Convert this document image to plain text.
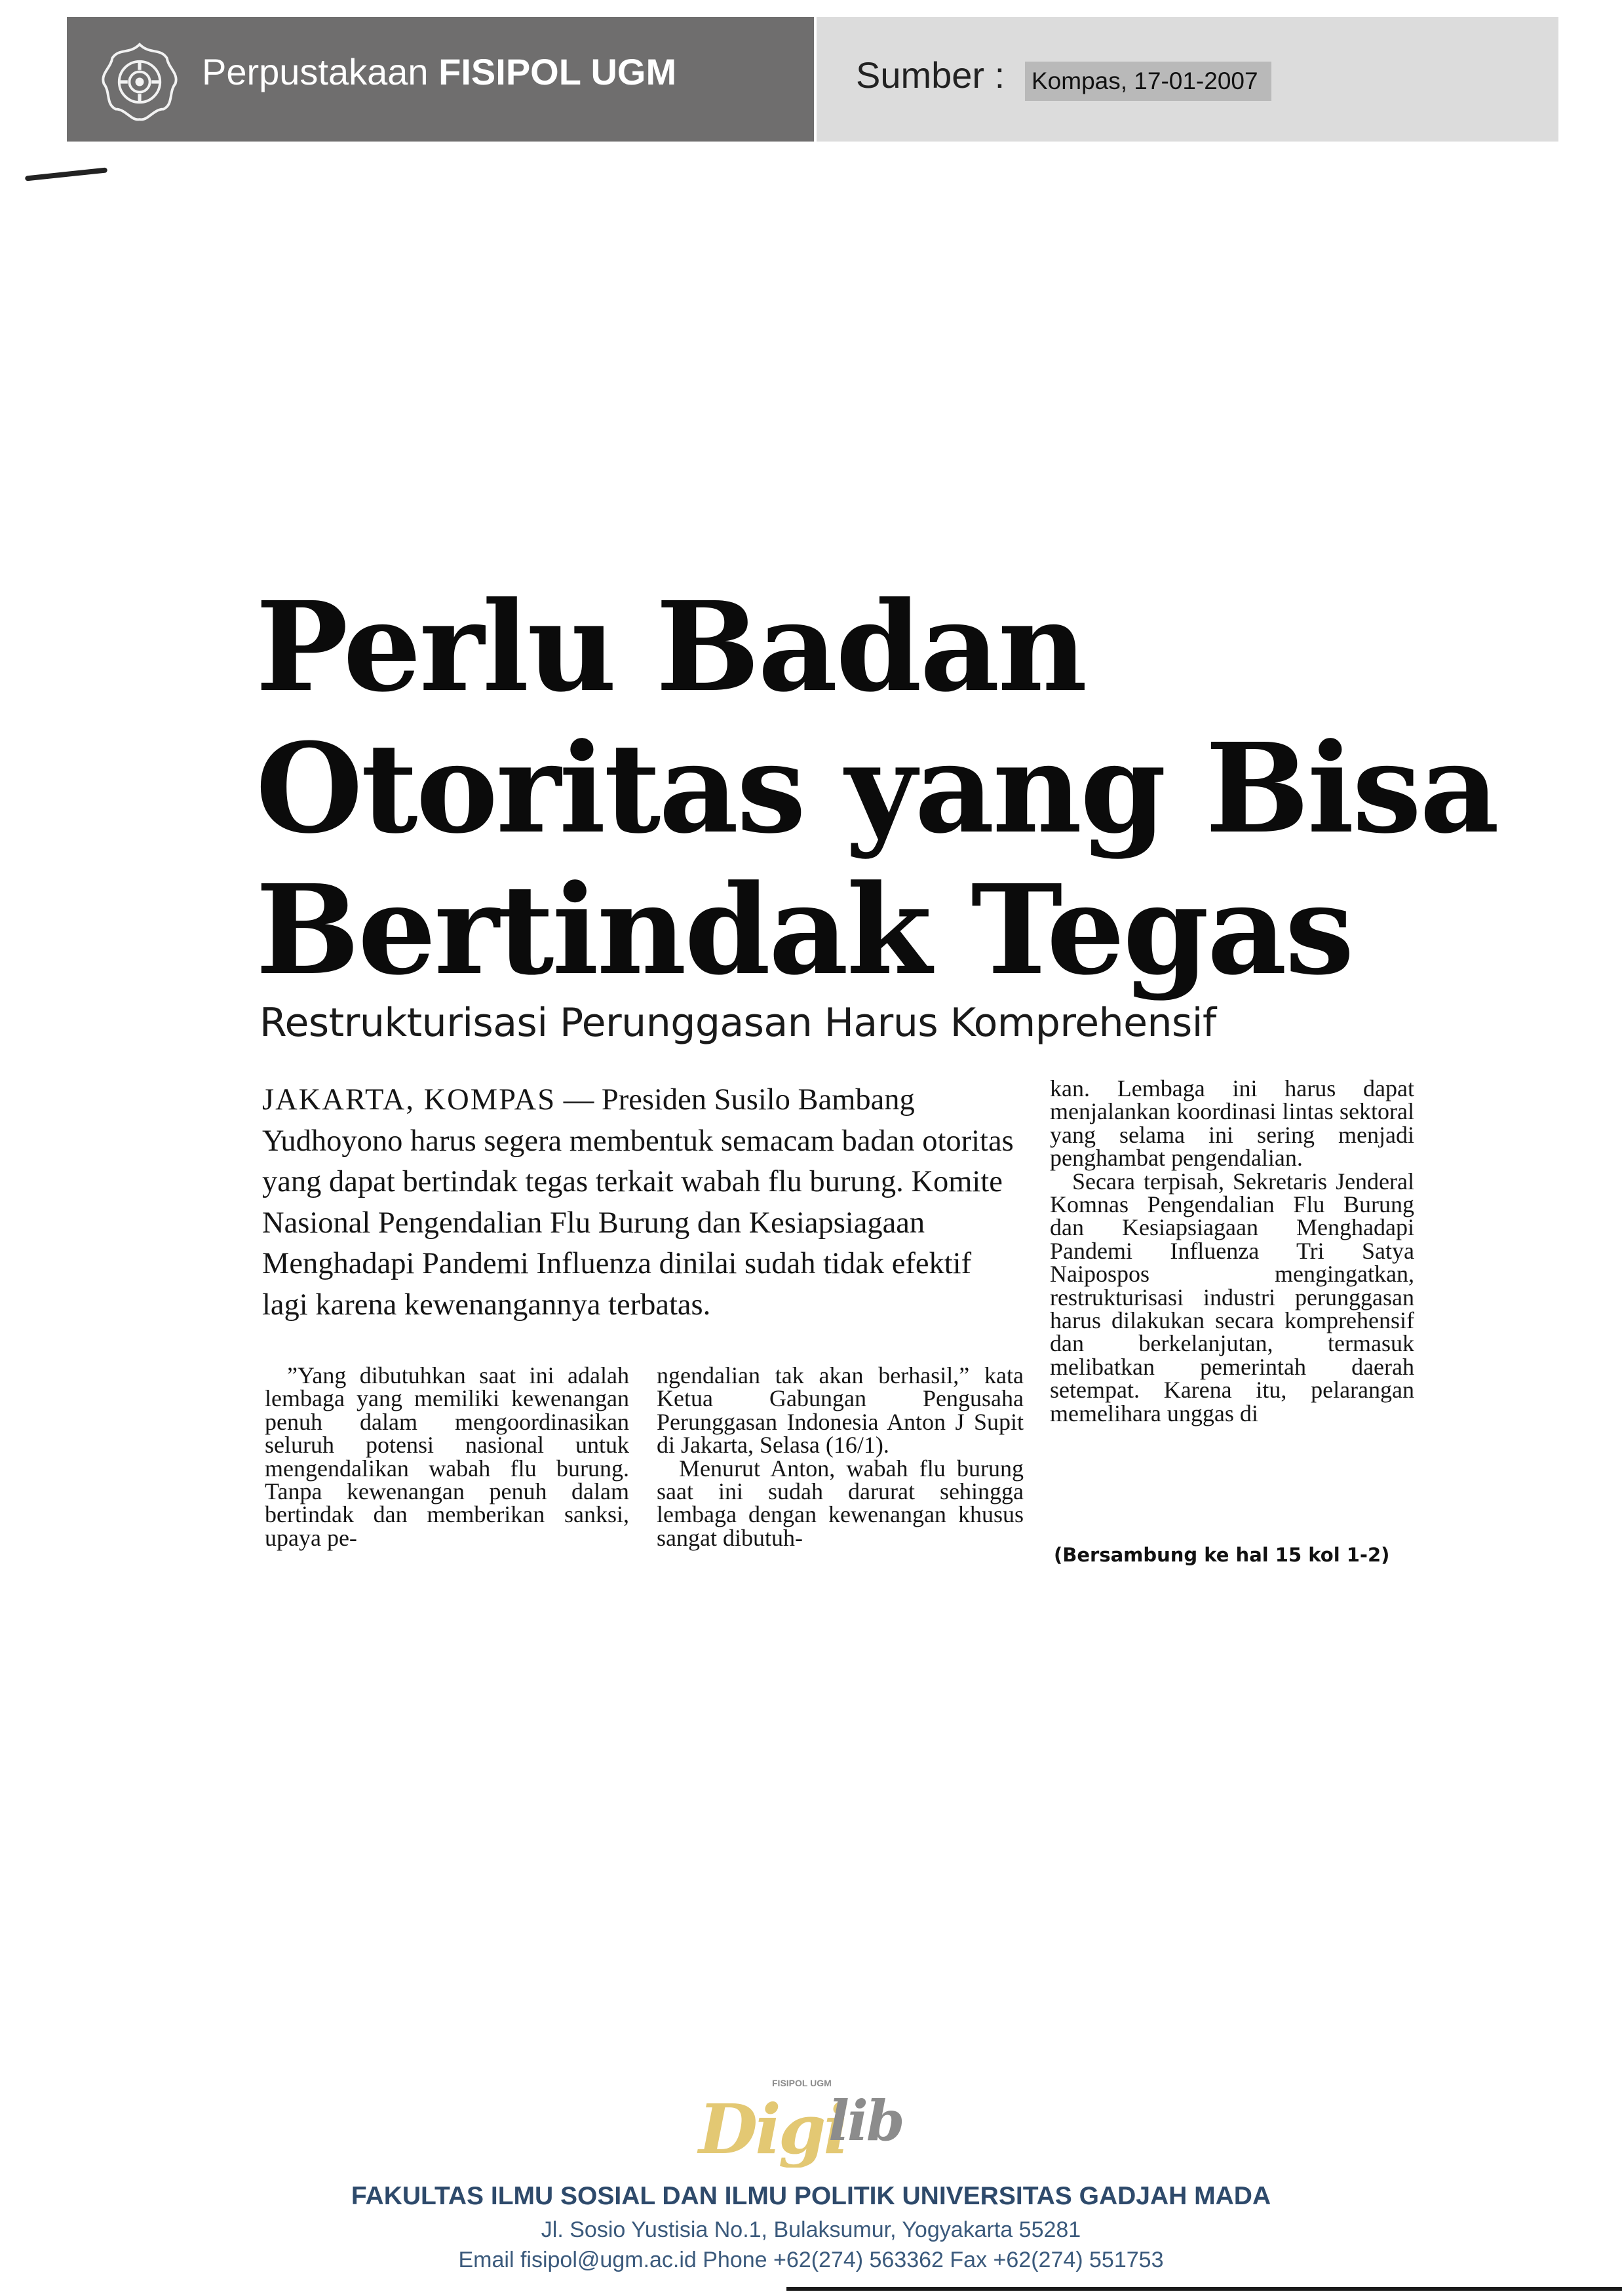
Perpustakaan FISIPOL UGM	Sumber : Kompas, 17-01-2007
Perlu Badan
Otoritas yang Bisa
Bertindak Tegas
Restrukturisasi Perunggasan Harus Komprehensif
JAKARTA, KOMPAS — Presiden Susilo Bambang Yudhoyono harus segera membentuk semacam badan otoritas yang dapat bertindak tegas terkait wabah flu burung. Komite Nasional Pengendalian Flu Burung dan Kesiapsiagaan Menghadapi Pandemi Influenza dinilai sudah tidak efektif lagi karena kewenangannya terbatas.

”Yang dibutuhkan saat ini adalah lembaga yang memiliki kewenangan penuh dalam mengoordinasikan seluruh potensi nasional untuk mengendalikan wabah flu burung. Tanpa kewenangan penuh dalam bertindak dan memberikan sanksi, upaya pe-

ngendalian tak akan berhasil,” kata Ketua Gabungan Pengusaha Perunggasan Indonesia Anton J Supit di Jakarta, Selasa (16/1).

Menurut Anton, wabah flu burung saat ini sudah darurat sehingga lembaga dengan kewenangan khusus sangat dibutuh-

kan. Lembaga ini harus dapat menjalankan koordinasi lintas sektoral yang selama ini sering menjadi penghambat pengendalian.

Secara terpisah, Sekretaris Jenderal Komnas Pengendalian Flu Burung dan Kesiapsiagaan Menghadapi Pandemi Influenza Tri Satya Naipospos mengingatkan, restrukturisasi industri perunggasan harus dilakukan secara komprehensif dan berkelanjutan, termasuk melibatkan pemerintah daerah setempat. Karena itu, pelarangan memelihara unggas di

(Bersambung ke hal 15 kol 1-2)
FISIPOL UGM
Digi
lib
FAKULTAS ILMU SOSIAL DAN ILMU POLITIK UNIVERSITAS GADJAH MADA
Jl. Sosio Yustisia No.1, Bulaksumur, Yogyakarta 55281
Email fisipol@ugm.ac.id Phone +62(274) 563362 Fax +62(274) 551753
